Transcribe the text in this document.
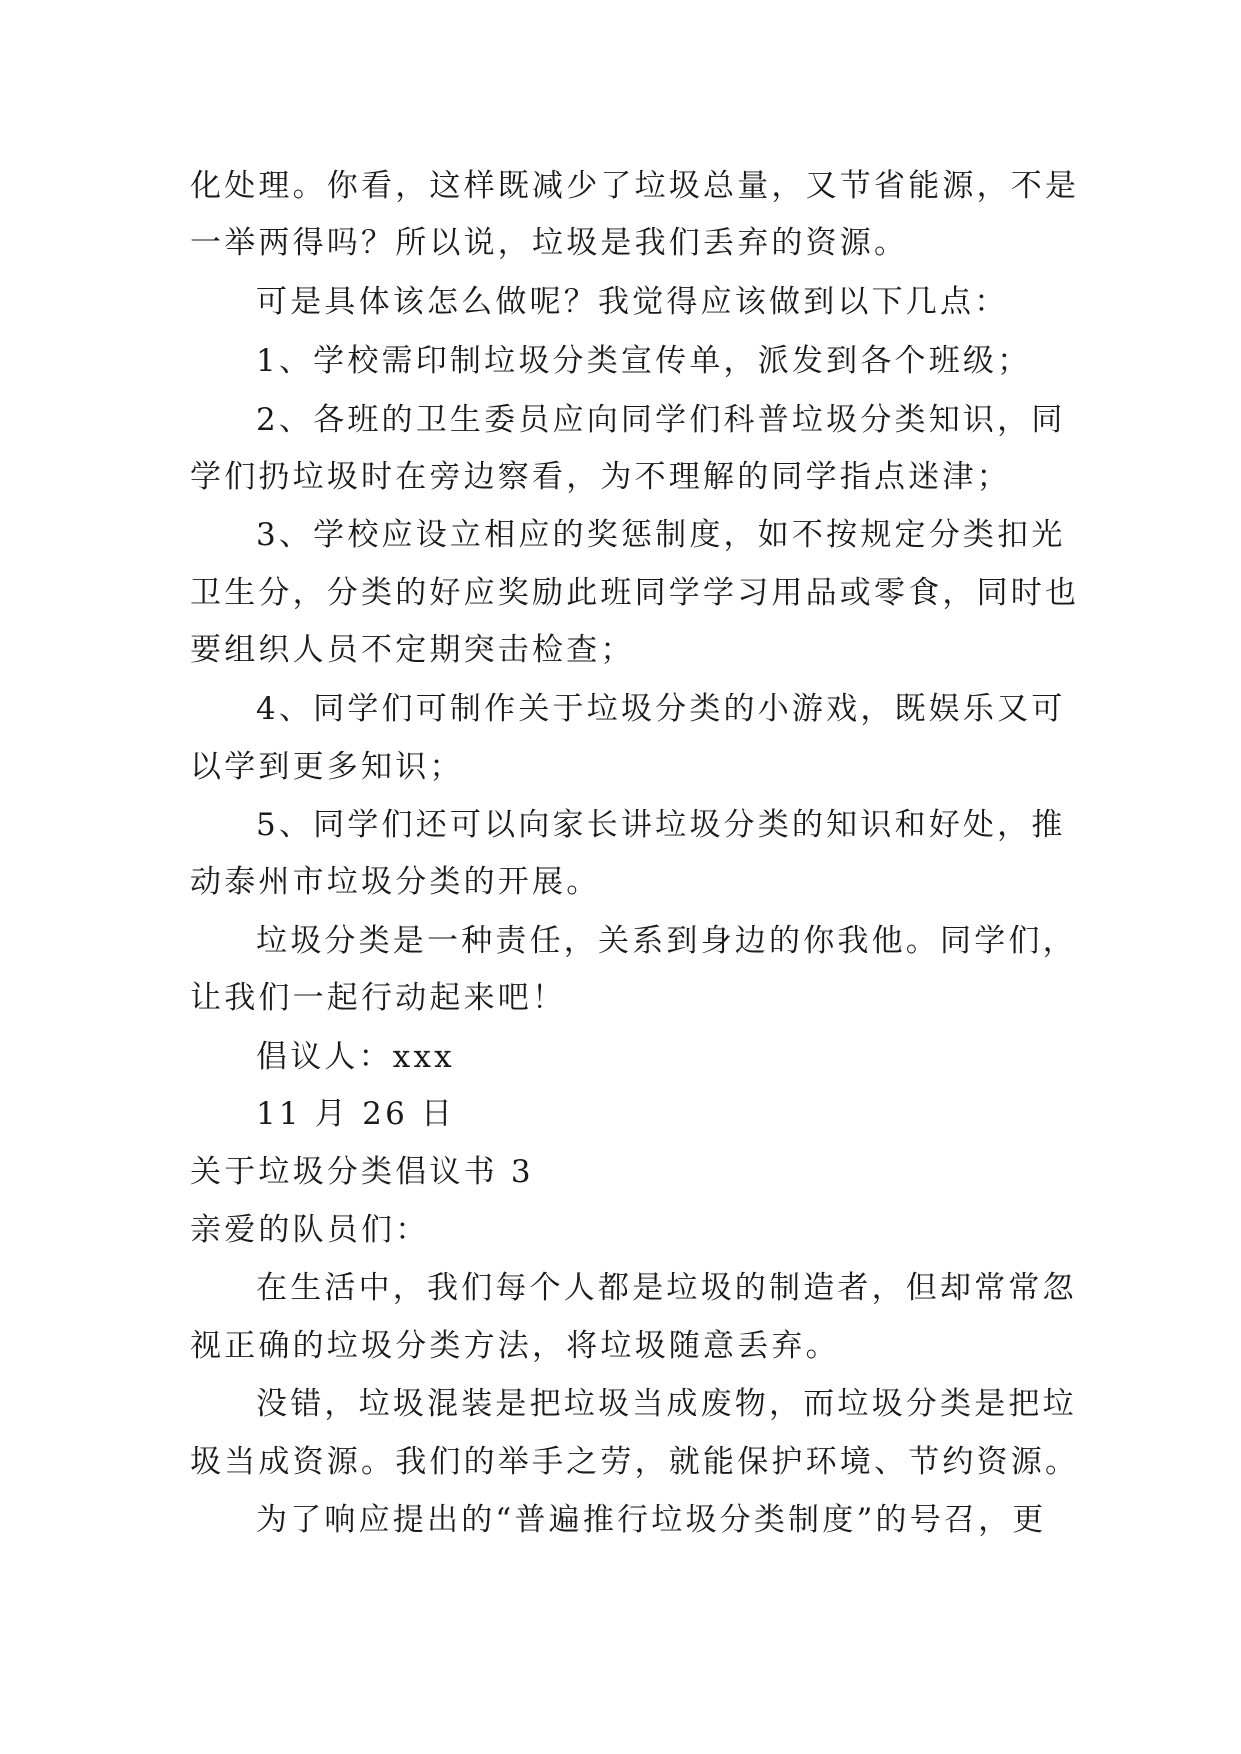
化处理。你看，这样既减少了垃圾总量，又节省能源，不是
一举两得吗？所以说，垃圾是我们丢弃的资源。
可是具体该怎么做呢？我觉得应该做到以下几点：
1、学校需印制垃圾分类宣传单，派发到各个班级；
2、各班的卫生委员应向同学们科普垃圾分类知识，同
学们扔垃圾时在旁边察看，为不理解的同学指点迷津；
3、学校应设立相应的奖惩制度，如不按规定分类扣光
卫生分，分类的好应奖励此班同学学习用品或零食，同时也
要组织人员不定期突击检查；
4、同学们可制作关于垃圾分类的小游戏，既娱乐又可
以学到更多知识；
5、同学们还可以向家长讲垃圾分类的知识和好处，推
动泰州市垃圾分类的开展。
垃圾分类是一种责任，关系到身边的你我他。同学们，
让我们一起行动起来吧！
倡议人：xxx
11 月 26 日
关于垃圾分类倡议书 3
亲爱的队员们：
在生活中，我们每个人都是垃圾的制造者，但却常常忽
视正确的垃圾分类方法，将垃圾随意丢弃。
没错，垃圾混装是把垃圾当成废物，而垃圾分类是把垃
圾当成资源。我们的举手之劳，就能保护环境、节约资源。
为了响应提出的“普遍推行垃圾分类制度”的号召，更
